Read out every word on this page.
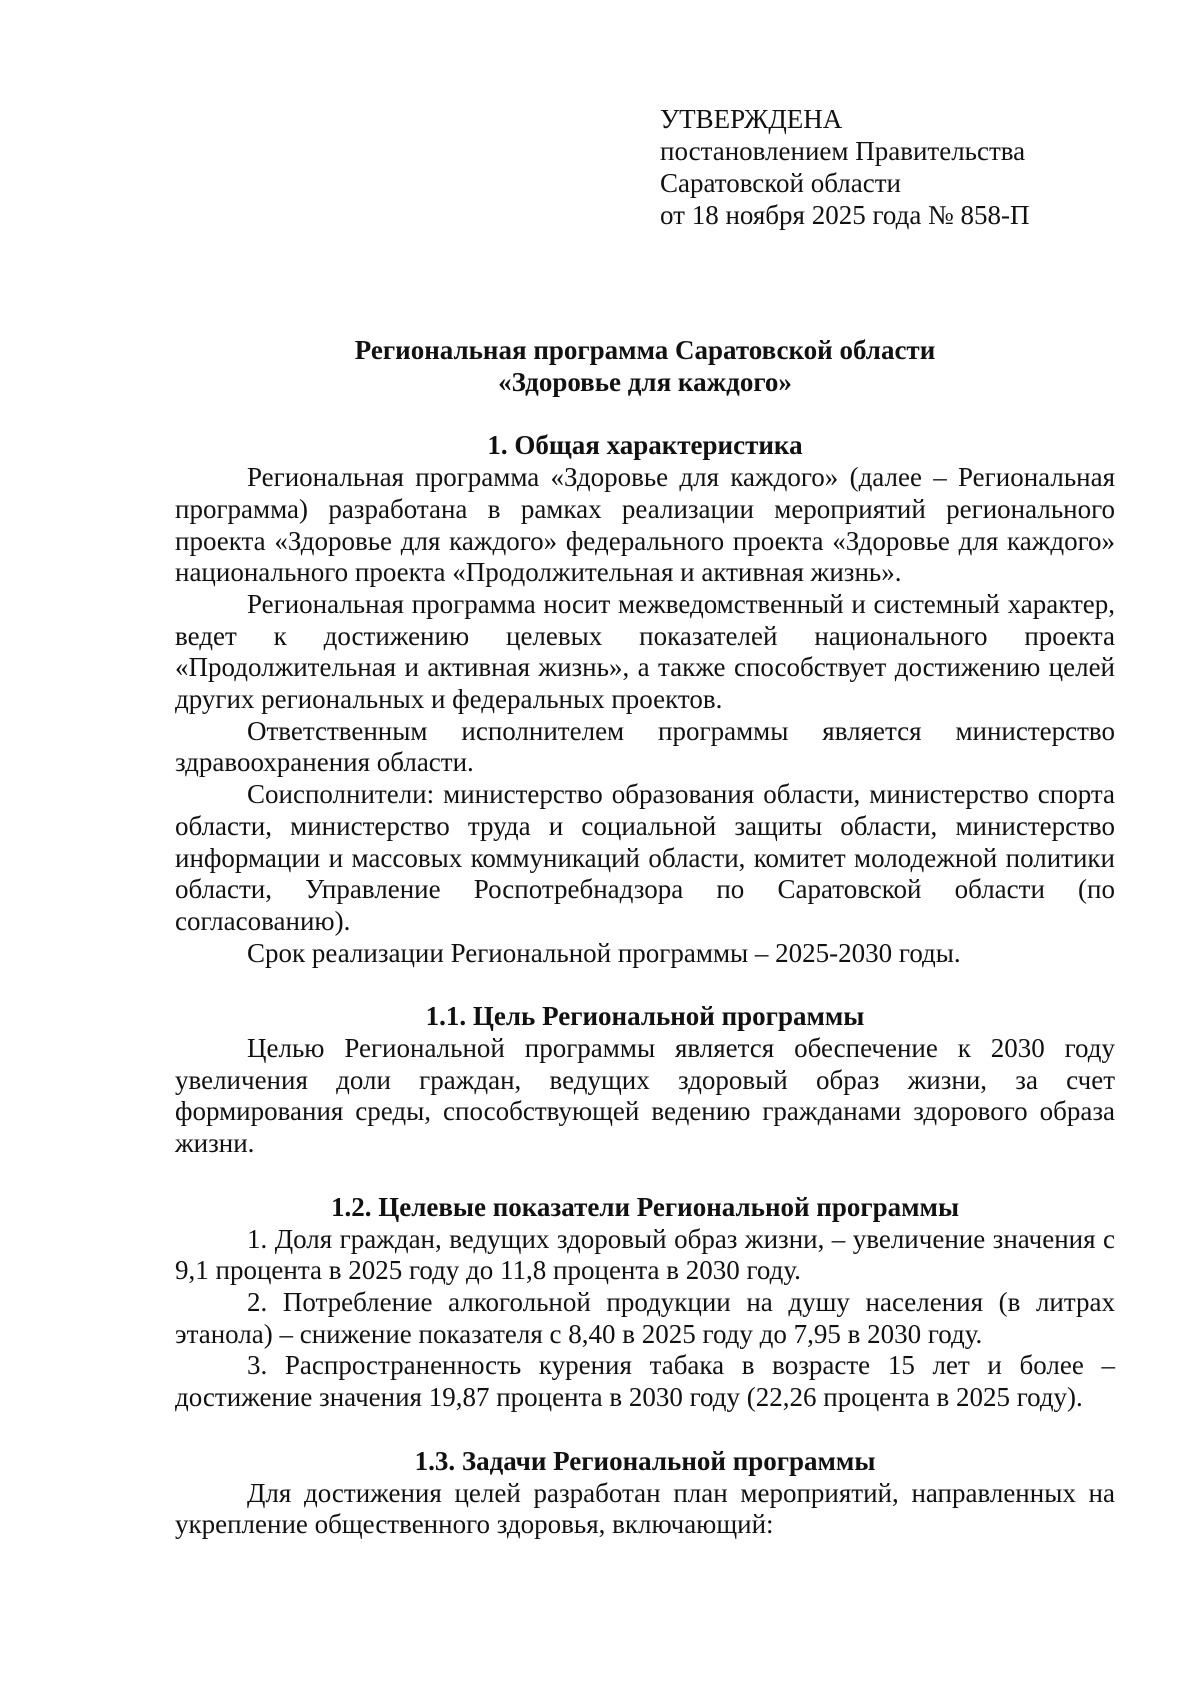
УТВЕРЖДЕНА
постановлением Правительства
Саратовской области
от 18 ноября 2025 года № 858-П
Региональная программа Саратовской области
«Здоровье для каждого»
1. Общая характеристика

Региональная программа «Здоровье для каждого» (далее – Региональная программа) разработана в рамках реализации мероприятий регионального проекта «Здоровье для каждого» федерального проекта «Здоровье для каждого» национального проекта «Продолжительная и активная жизнь».

Региональная программа носит межведомственный и системный характер, ведет к достижению целевых показателей национального проекта «Продолжительная и активная жизнь», а также способствует достижению целей других региональных и федеральных проектов.

Ответственным исполнителем программы является министерство здравоохранения области.

Соисполнители: министерство образования области, министерство спорта области, министерство труда и социальной защиты области, министерство информации и массовых коммуникаций области, комитет молодежной политики области, Управление Роспотребнадзора по Саратовской области (по согласованию).

Срок реализации Региональной программы – 2025-2030 годы.

1.1. Цель Региональной программы

Целью Региональной программы является обеспечение к 2030 году увеличения доли граждан, ведущих здоровый образ жизни, за счет формирования среды, способствующей ведению гражданами здорового образа жизни.

1.2. Целевые показатели Региональной программы

1. Доля граждан, ведущих здоровый образ жизни, – увеличение значения с 9,1 процента в 2025 году до 11,8 процента в 2030 году.

2. Потребление алкогольной продукции на душу населения (в литрах этанола) – снижение показателя с 8,40 в 2025 году до 7,95 в 2030 году.

3. Распространенность курения табака в возрасте 15 лет и более – достижение значения 19,87 процента в 2030 году (22,26 процента в 2025 году).

1.3. Задачи Региональной программы

Для достижения целей разработан план мероприятий, направленных на укрепление общественного здоровья, включающий:
